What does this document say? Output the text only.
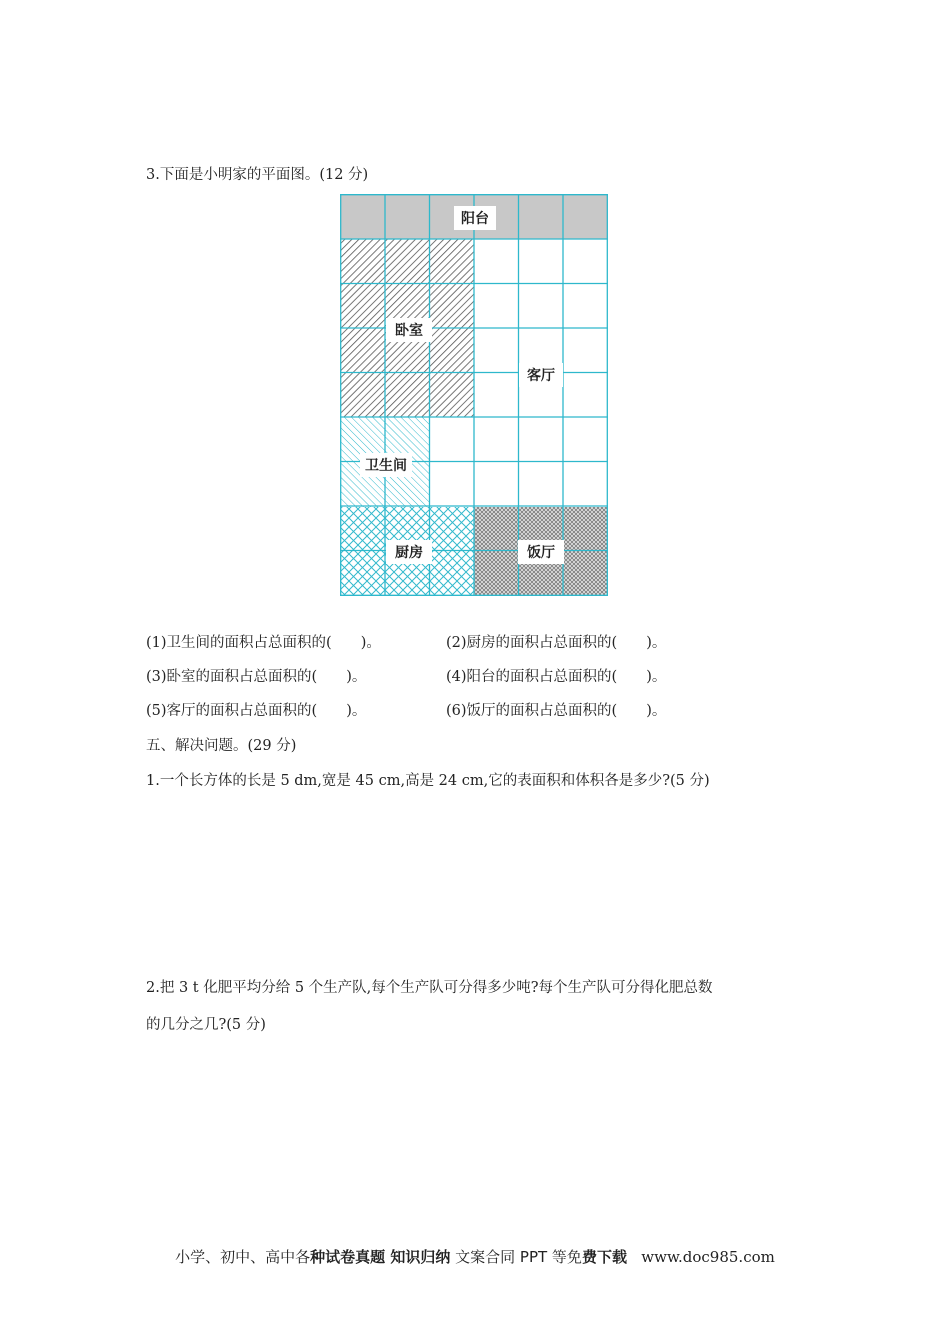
3.下面是小明家的平面图。(12 分)
阳台
卧室
客厅
卫生间
厨房	饭厅
(1)卫生间的面积占总面积的(　　)。	(2)厨房的面积占总面积的(　　)。
(3)卧室的面积占总面积的(　　)。	(4)阳台的面积占总面积的(　　)。
(5)客厅的面积占总面积的(　　)。	(6)饭厅的面积占总面积的(　　)。
五、解决问题。(29 分)
1.一个长方体的长是 5 dm,宽是 45 cm,高是 24 cm,它的表面积和体积各是多少?(5 分)
2.把 3 t 化肥平均分给 5 个生产队,每个生产队可分得多少吨?每个生产队可分得化肥总数
的几分之几?(5 分)
小学、初中、高中各种试卷真题 知识归纳 文案合同 PPT 等免费下载 www.doc985.com
